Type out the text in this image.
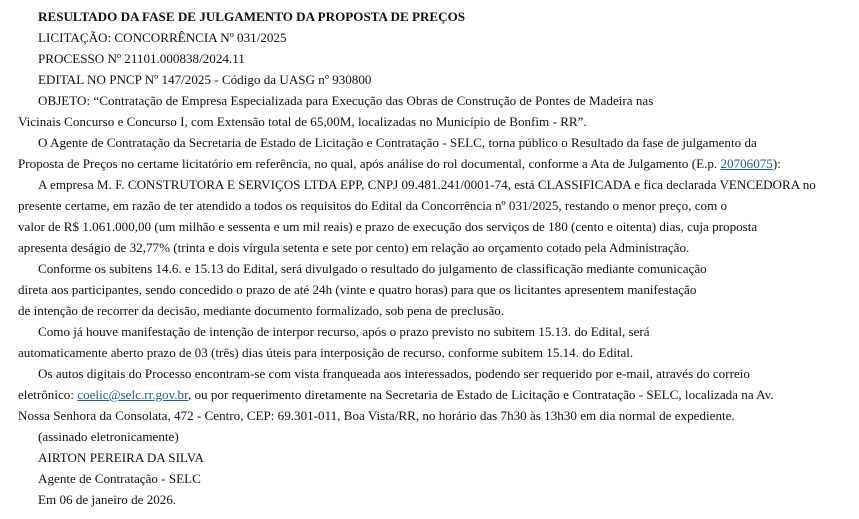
RESULTADO DA FASE DE JULGAMENTO DA PROPOSTA DE PREÇOS
LICITAÇÃO: CONCORRÊNCIA Nº 031/2025
PROCESSO Nº 21101.000838/2024.11
EDITAL NO PNCP Nº 147/2025 - Código da UASG nº 930800
OBJETO: “Contratação de Empresa Especializada para Execução das Obras de Construção de Pontes de Madeira nas
Vicinais Concurso e Concurso I, com Extensão total de 65,00M, localizadas no Município de Bonfim - RR”.
O Agente de Contratação da Secretaria de Estado de Licitação e Contratação - SELC, torna público o Resultado da fase de julgamento da
Proposta de Preços no certame licitatório em referência, no qual, após análise do rol documental, conforme a Ata de Julgamento (E.p. 20706075):
A empresa M. F. CONSTRUTORA E SERVIÇOS LTDA EPP, CNPJ 09.481.241/0001-74, está CLASSIFICADA e fica declarada VENCEDORA no
presente certame, em razão de ter atendido a todos os requisitos do Edital da Concorrência nº 031/2025, restando o menor preço, com o
valor de R$ 1.061.000,00 (um milhão e sessenta e um mil reais) e prazo de execução dos serviços de 180 (cento e oitenta) dias, cuja proposta
apresenta deságio de 32,77% (trinta e dois vírgula setenta e sete por cento) em relação ao orçamento cotado pela Administração.
Conforme os subitens 14.6. e 15.13 do Edital, será divulgado o resultado do julgamento de classificação mediante comunicação
direta aos participantes, sendo concedido o prazo de até 24h (vinte e quatro horas) para que os licitantes apresentem manifestação
de intenção de recorrer da decisão, mediante documento formalizado, sob pena de preclusão.
Como já houve manifestação de intenção de interpor recurso, após o prazo previsto no subitem 15.13. do Edital, será
automaticamente aberto prazo de 03 (três) dias úteis para interposição de recurso, conforme subitem 15.14. do Edital.
Os autos digitais do Processo encontram-se com vista franqueada aos interessados, podendo ser requerido por e-mail, através do correio
eletrônico: coelic@selc.rr.gov.br, ou por requerimento diretamente na Secretaria de Estado de Licitação e Contratação - SELC, localizada na Av.
Nossa Senhora da Consolata, 472 - Centro, CEP: 69.301-011, Boa Vista/RR, no horário das 7h30 às 13h30 em dia normal de expediente.
(assinado eletronicamente)
AIRTON PEREIRA DA SILVA
Agente de Contratação - SELC
Em 06 de janeiro de 2026.
